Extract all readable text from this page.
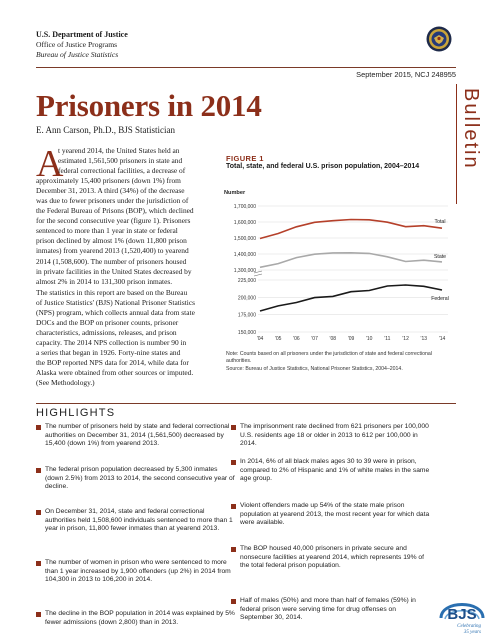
U.S. Department of Justice
Office of Justice Programs
Bureau of Justice Statistics
September 2015, NCJ 248955
Prisoners in 2014
E. Ann Carson, Ph.D., BJS Statistician	Bulletin
A
t yearend 2014, the United States held an
estimated 1,561,500 prisoners in state and
federal correctional facilities, a decrease of
approximately 15,400 prisoners (down 1%) from
December 31, 2013. A third (34%) of the decrease
was due to fewer prisoners under the jurisdiction of
the Federal Bureau of Prisons (BOP), which declined
for the second consecutive year (figure 1). Prisoners
sentenced to more than 1 year in state or federal
prison declined by almost 1% (down 11,800 prison
inmates) from yearend 2013 (1,520,400) to yearend
2014 (1,508,600). The number of prisoners housed
in private facilities in the United States decreased by
almost 2% in 2014 to 131,300 prison inmates.
The statistics in this report are based on the Bureau
of Justice Statistics' (BJS) National Prisoner Statistics
(NPS) program, which collects annual data from state
DOCs and the BOP on prisoner counts, prisoner
characteristics, admissions, releases, and prison
capacity. The 2014 NPS collection is number 90 in
a series that began in 1926. Forty-nine states and
the BOP reported NPS data for 2014, while data for
Alaska were obtained from other sources or imputed.
(See Methodology.)
FIGURE 1
Total, state, and federal U.S. prison population, 2004–2014
Number
1,700,000
1,600,000
1,500,000
1,400,000
1,300,000
225,000
200,000
175,000
150,000
'04 '05 '06 '07 '08 '09 '10 '11 '12 '13 '14
Total
State
Federal
Note: Counts based on all prisoners under the jurisdiction of state and federal correctional authorities.
Source: Bureau of Justice Statistics, National Prisoner Statistics, 2004–2014.
HIGHLIGHTS
BJS
Celebrating
35 years
The number of prisoners held by state and federal correctional authorities on December 31, 2014 (1,561,500) decreased by 15,400 (down 1%) from yearend 2013.
The federal prison population decreased by 5,300 inmates (down 2.5%) from 2013 to 2014, the second consecutive year of decline.
On December 31, 2014, state and federal correctional authorities held 1,508,600 individuals sentenced to more than 1 year in prison, 11,800 fewer inmates than at yearend 2013.
The number of women in prison who were sentenced to more than 1 year increased by 1,900 offenders (up 2%) in 2014 from 104,300 in 2013 to 106,200 in 2014.
The decline in the BOP population in 2014 was explained by 5% fewer admissions (down 2,800) than in 2013.
The imprisonment rate declined from 621 prisoners per 100,000 U.S. residents age 18 or older in 2013 to 612 per 100,000 in 2014.
In 2014, 6% of all black males ages 30 to 39 were in prison, compared to 2% of Hispanic and 1% of white males in the same age group.
Violent offenders made up 54% of the state male prison population at yearend 2013, the most recent year for which data were available.
The BOP housed 40,000 prisoners in private secure and nonsecure facilities at yearend 2014, which represents 19% of the total federal prison population.
Half of males (50%) and more than half of females (59%) in federal prison were serving time for drug offenses on September 30, 2014.
